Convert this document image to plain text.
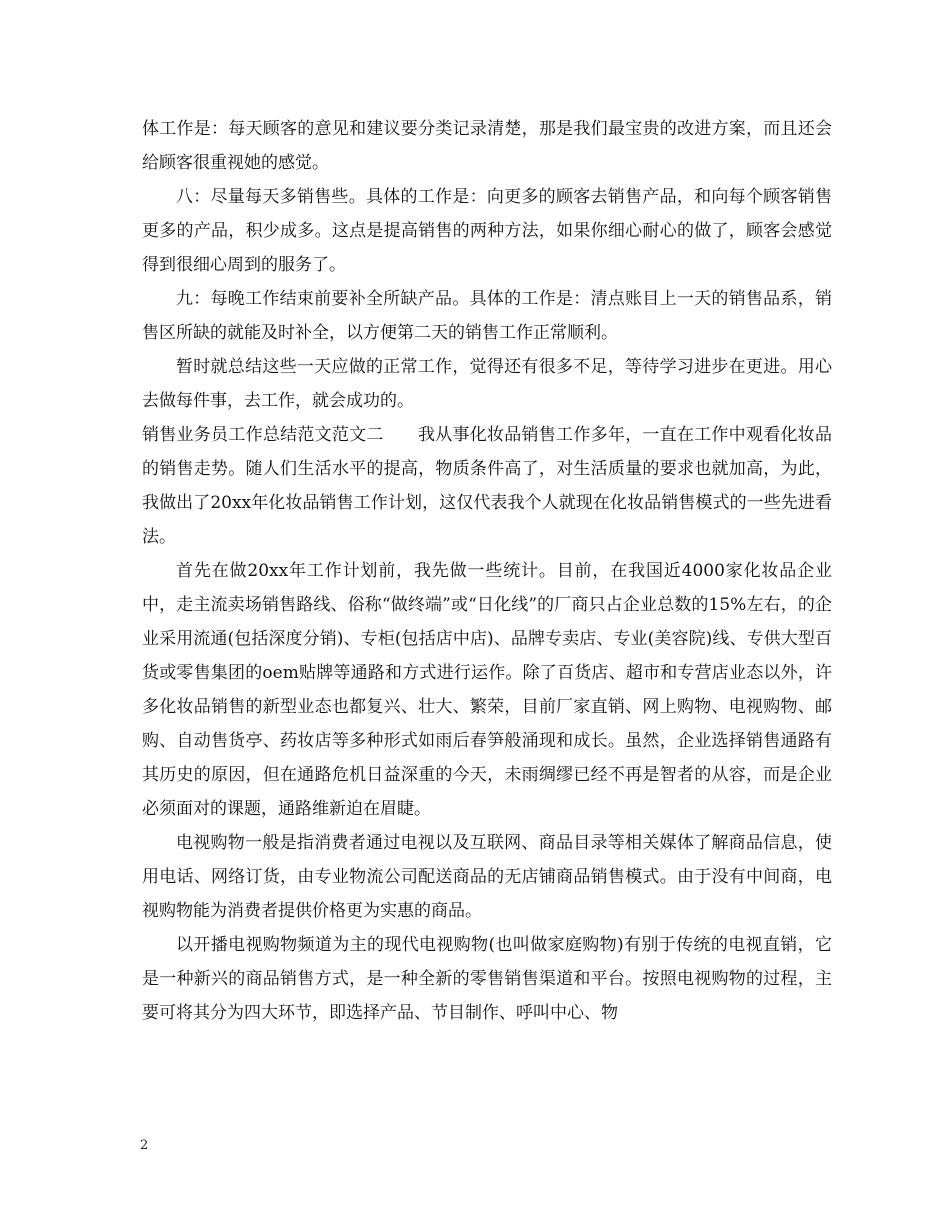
体工作是：每天顾客的意见和建议要分类记录清楚，那是我们最宝贵的改进方案，而且还会给顾客很重视她的感觉。

八：尽量每天多销售些。具体的工作是：向更多的顾客去销售产品，和向每个顾客销售更多的产品，积少成多。这点是提高销售的两种方法，如果你细心耐心的做了，顾客会感觉得到很细心周到的服务了。

九：每晚工作结束前要补全所缺产品。具体的工作是：清点账目上一天的销售品系，销售区所缺的就能及时补全，以方便第二天的销售工作正常顺利。

暂时就总结这些一天应做的正常工作，觉得还有很多不足，等待学习进步在更进。用心去做每件事，去工作，就会成功的。

销售业务员工作总结范文范文二 我从事化妆品销售工作多年，一直在工作中观看化妆品的销售走势。随人们生活水平的提高，物质条件高了，对生活质量的要求也就加高，为此，我做出了20xx年化妆品销售工作计划，这仅代表我个人就现在化妆品销售模式的一些先进看法。

首先在做20xx年工作计划前，我先做一些统计。目前，在我国近4000家化妆品企业中，走主流卖场销售路线、俗称“做终端”或“日化线”的厂商只占企业总数的15%左右，的企业采用流通(包括深度分销)、专柜(包括店中店)、品牌专卖店、专业(美容院)线、专供大型百货或零售集团的oem贴牌等通路和方式进行运作。除了百货店、超市和专营店业态以外，许多化妆品销售的新型业态也都复兴、壮大、繁荣，目前厂家直销、网上购物、电视购物、邮购、自动售货亭、药妆店等多种形式如雨后春笋般涌现和成长。虽然，企业选择销售通路有其历史的原因，但在通路危机日益深重的今天，未雨绸缪已经不再是智者的从容，而是企业必须面对的课题，通路维新迫在眉睫。

电视购物一般是指消费者通过电视以及互联网、商品目录等相关媒体了解商品信息，使用电话、网络订货，由专业物流公司配送商品的无店铺商品销售模式。由于没有中间商，电视购物能为消费者提供价格更为实惠的商品。

以开播电视购物频道为主的现代电视购物(也叫做家庭购物)有别于传统的电视直销，它是一种新兴的商品销售方式，是一种全新的零售销售渠道和平台。按照电视购物的过程，主要可将其分为四大环节，即选择产品、节目制作、呼叫中心、物

2
